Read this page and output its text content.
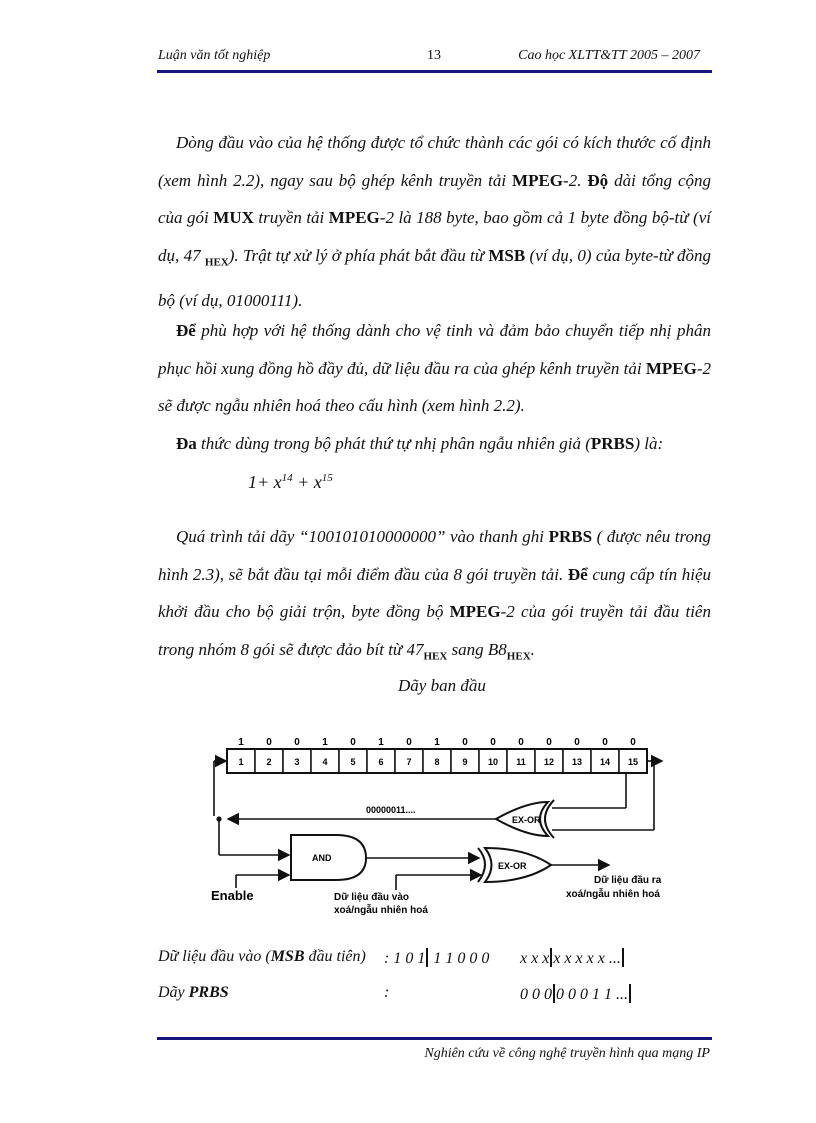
Luận văn tốt nghiệp	13	Cao học XLTT&TT 2005 – 2007
Dòng đầu vào của hệ thống được tổ chức thành các gói có kích thước cố định (xem hình 2.2), ngay sau bộ ghép kênh truyền tải MPEG-2. Độ dài tổng cộng của gói MUX truyền tải MPEG-2 là 188 byte, bao gồm cả 1 byte đồng bộ-từ (ví dụ, 47 $_{HEX}$). Trật tự xử lý ở phía phát bắt đầu từ MSB (ví dụ, 0) của byte-từ đồng bộ (ví dụ, 01000111).
Để phù hợp với hệ thống dành cho vệ tinh và đảm bảo chuyển tiếp nhị phân phục hồi xung đồng hồ đầy đủ, dữ liệu đầu ra của ghép kênh truyền tải MPEG-2 sẽ được ngẫu nhiên hoá theo cấu hình (xem hình 2.2).
Đa thức dùng trong bộ phát thứ tự nhị phân ngẫu nhiên giả (PRBS) là:
$1+ x^{14} + x^{15}$
Quá trình tải dãy “100101010000000” vào thanh ghi PRBS ( được nêu trong hình 2.3), sẽ bắt đầu tại mỗi điểm đầu của 8 gói truyền tải. Để cung cấp tín hiệu khởi đầu cho bộ giải trộn, byte đồng bộ MPEG-2 của gói truyền tải đầu tiên trong nhóm 8 gói sẽ được đảo bít từ $47_{HEX}$ sang $B8_{HEX}$.
Dãy ban đầu
1 0 0 1 0 1 0 1 0 0 0 0 0 0 0
1	2	3	4	5	6	7	8	9 10 11 12 13 14 15
EX-OR
00000011....
AND
Enable
EX-OR
Dữ liệu đầu vào
xoá/ngẫu nhiên hoá
Dữ liệu đầu ra
xoá/ngẫu nhiên hoá
Dữ liệu đầu vào (MSB đầu tiên) : 1 0 1 1 1 0 0 0 x x x x x x x x ...
Dãy PRBS	:	0 0 0 0 0 0 1 1 ...
Nghiên cứu về công nghệ truyền hình qua mạng IP
